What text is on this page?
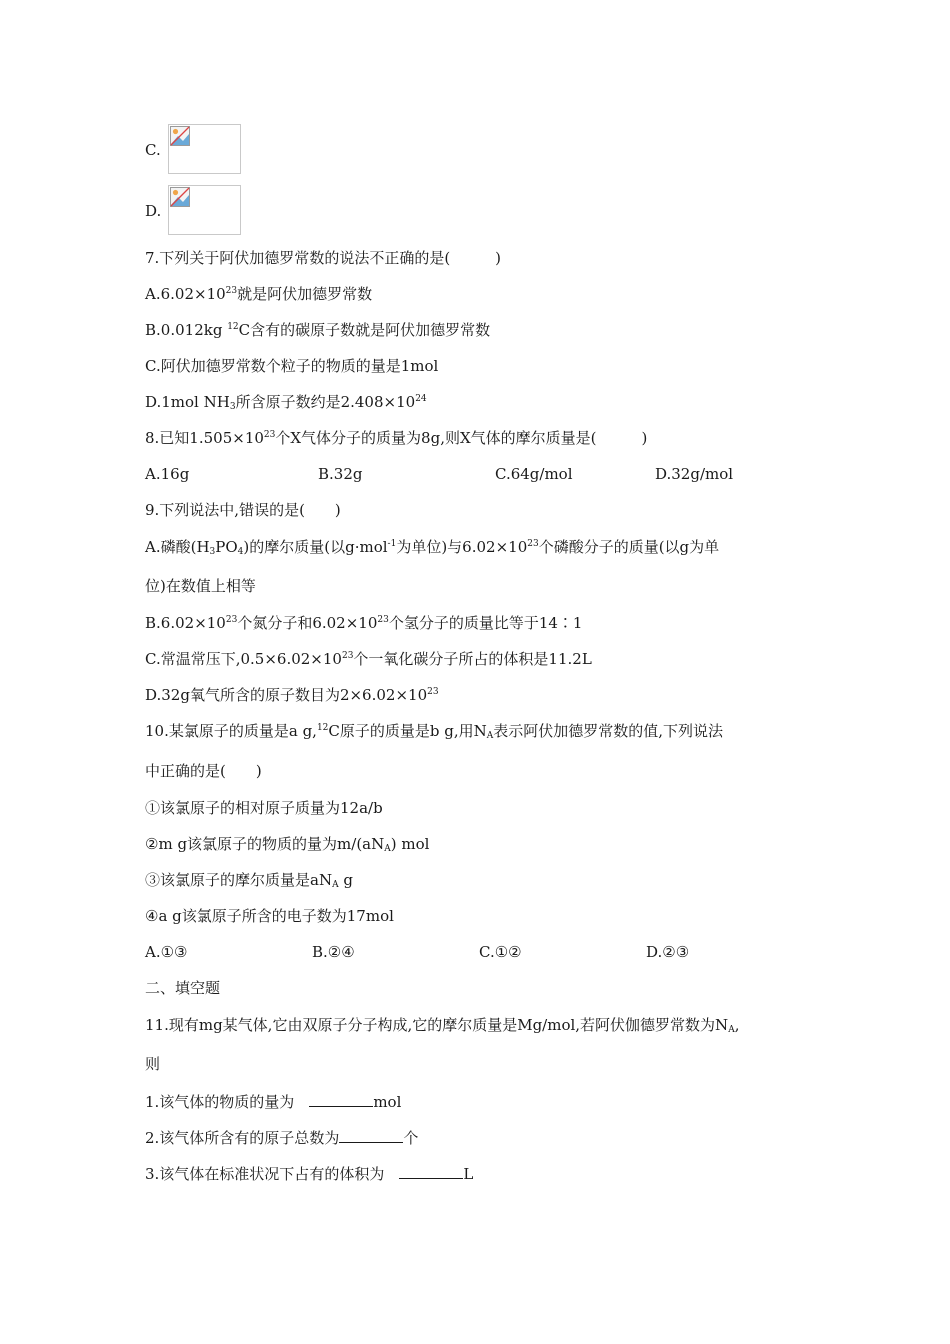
C.
D.
7.下列关于阿伏加德罗常数的说法不正确的是(　　　)
$A.6.02\times 10^{23}$就是阿伏加德罗常数
B.0.012kg $^{12}$C含有的碳原子数就是阿伏加德罗常数
C.阿伏加德罗常数个粒子的物质的量是1mol
D.1mol $NH_3$所含原子数约是$2.408\times 10^{24}$
8.已知$1.505\times 10^{23}$个X气体分子的质量为8g,则X气体的摩尔质量是(　　　)
A.16g	B.32g	C.64g/mol	D.32g/mol
9.下列说法中,错误的是(　　)
A.磷酸$(H_3PO_4)$的摩尔质量(以g·mol$^{-1}$为单位)与$6.02\times 10^{23}$个磷酸分子的质量(以g为单
位)在数值上相等
$B.6.02\times 10^{23}$个氮分子和$6.02\times 10^{23}$个氢分子的质量比等于14∶1
C.常温常压下$,0.5\times 6.02\times 10^{23}$个一氧化碳分子所占的体积是11.2L
D.32g氧气所含的原子数目为$2\times 6.02\times 10^{23}$
10.某氯原子的质量是a g,$^{12}$C原子的质量是b g,用$N_A$表示阿伏加德罗常数的值,下列说法
中正确的是(　　)
①该氯原子的相对原子质量为12a/b
②m g该氯原子的物质的量为$m/(aN_A)$ mol
③该氯原子的摩尔质量是$aN_A$ g
④a g该氯原子所含的电子数为17mol
A.①③	B.②④	C.①②	D.②③
二、填空题
11.现有mg某气体,它由双原子分子构成,它的摩尔质量是Mg/mol,若阿伏伽德罗常数为$N_A$,
则
1.该气体的物质的量为　	mol
2.该气体所含有的原子总数为	个
3.该气体在标准状况下占有的体积为　	L
